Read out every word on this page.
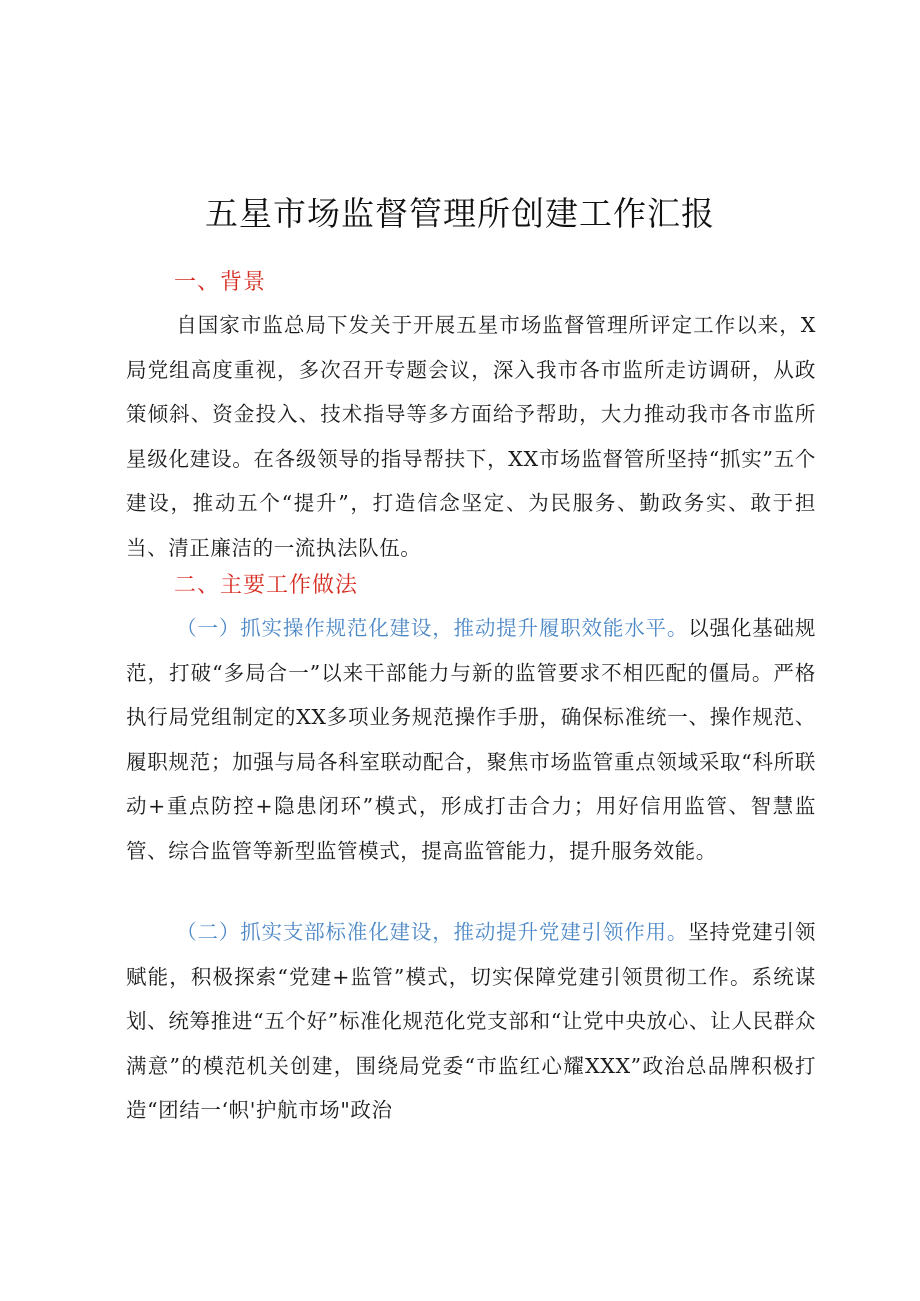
五星市场监督管理所创建工作汇报
一、背景

自国家市监总局下发关于开展五星市场监督管理所评定工作以来，X局党组高度重视，多次召开专题会议，深入我市各市监所走访调研，从政策倾斜、资金投入、技术指导等多方面给予帮助，大力推动我市各市监所星级化建设。在各级领导的指导帮扶下，XX市场监督管所坚持“抓实”五个建设，推动五个“提升”，打造信念坚定、为民服务、勤政务实、敢于担当、清正廉洁的一流执法队伍。

二、主要工作做法

（一）抓实操作规范化建设，推动提升履职效能水平。以强化基础规范，打破“多局合一”以来干部能力与新的监管要求不相匹配的僵局。严格执行局党组制定的XX多项业务规范操作手册，确保标准统一、操作规范、履职规范；加强与局各科室联动配合，聚焦市场监管重点领域采取“科所联动+重点防控+隐患闭环”模式，形成打击合力；用好信用监管、智慧监管、综合监管等新型监管模式，提高监管能力，提升服务效能。

（二）抓实支部标准化建设，推动提升党建引领作用。坚持党建引领赋能，积极探索“党建+监管”模式，切实保障党建引领贯彻工作。系统谋划、统筹推进“五个好”标准化规范化党支部和“让党中央放心、让人民群众满意”的模范机关创建，围绕局党委“市监红心耀XXX”政治总品牌积极打造“团结一‘帜'护航市场"政治
